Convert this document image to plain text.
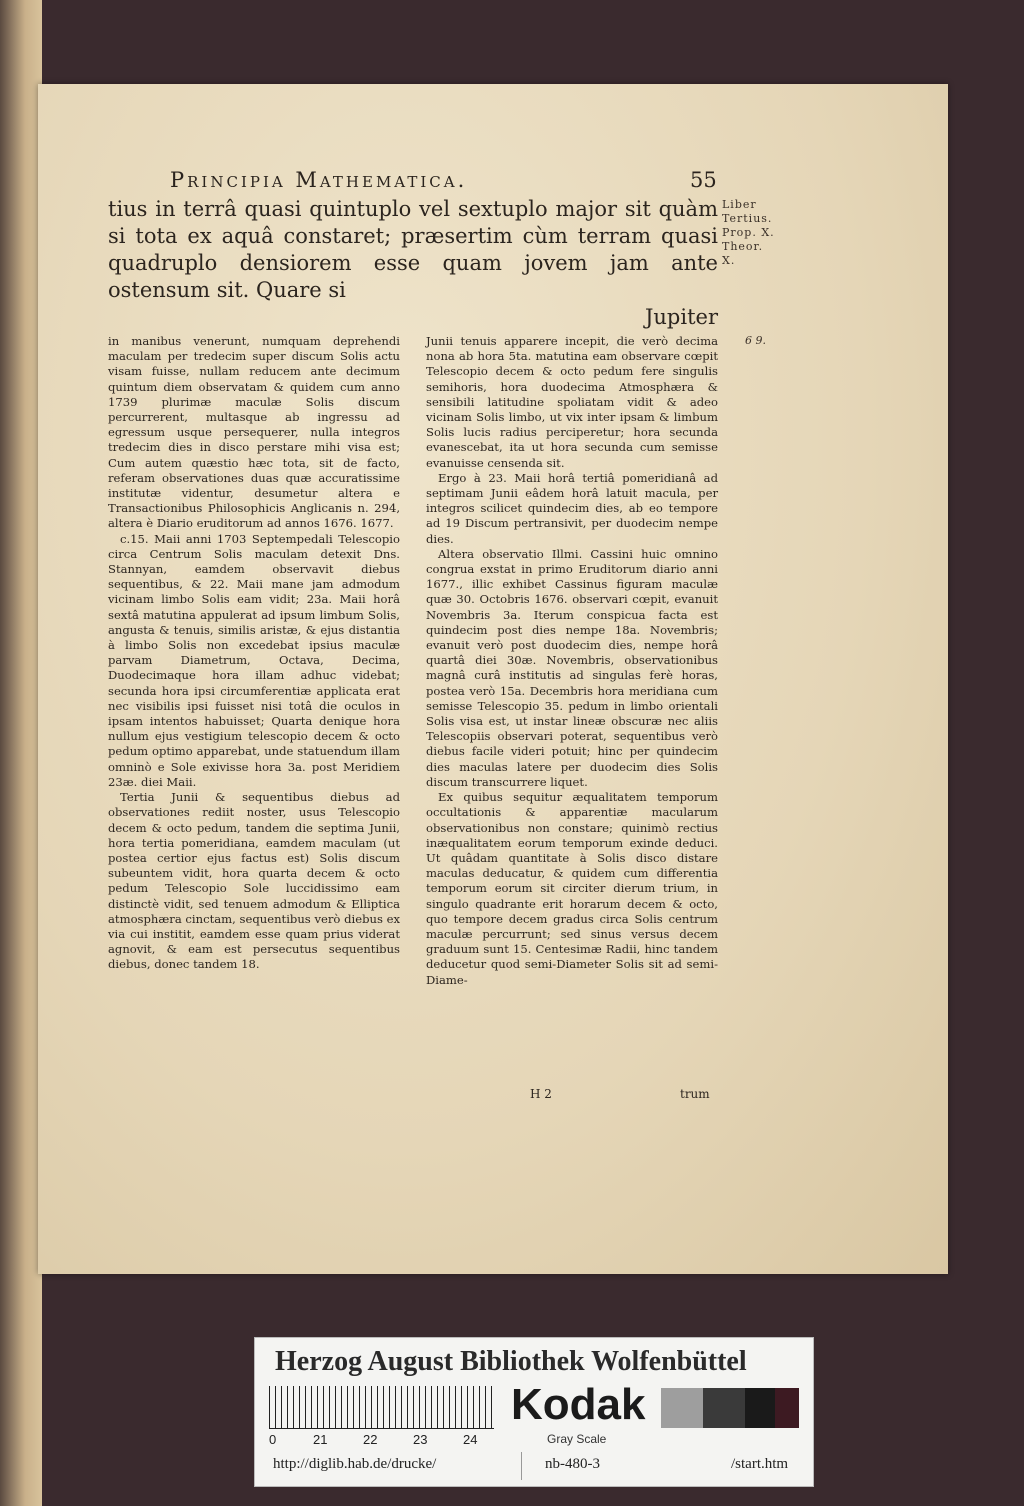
Principia Mathematica.	55
tius in terrâ quasi quintuplo vel sextuplo major sit quàm si tota ex aquâ constaret; præsertim cùm terram quasi quadruplo densiorem esse quam jovem jam ante ostensum sit. Quare si
Jupiter
Liber
Tertius.
Prop. X.
Theor.
X.
6 9.

in manibus venerunt, numquam deprehendi maculam per tredecim super discum Solis actu visam fuisse, nullam reducem ante decimum quintum diem observatam & quidem cum anno 1739 plurimæ maculæ Solis discum percurrerent, multasque ab ingressu ad egressum usque persequerer, nulla integros tredecim dies in disco perstare mihi visa est; Cum autem quæstio hæc tota, sit de facto, referam observationes duas quæ accuratissime institutæ videntur, desumetur altera e Transactionibus Philosophicis Anglicanis n. 294, altera è Diario eruditorum ad annos 1676. 1677.

c.15. Maii anni 1703 Septempedali Telescopio circa Centrum Solis maculam detexit Dns. Stannyan, eamdem observavit diebus sequentibus, & 22. Maii mane jam admodum vicinam limbo Solis eam vidit; 23a. Maii horâ sextâ matutina appulerat ad ipsum limbum Solis, angusta & tenuis, similis aristæ, & ejus distantia à limbo Solis non excedebat ipsius maculæ parvam Diametrum, Octava, Decima, Duodecimaque hora illam adhuc videbat; secunda hora ipsi circumferentiæ applicata erat nec visibilis ipsi fuisset nisi totâ die oculos in ipsam intentos habuisset; Quarta denique hora nullum ejus vestigium telescopio decem & octo pedum optimo apparebat, unde statuendum illam omninò e Sole exivisse hora 3a. post Meridiem 23æ. diei Maii.

Tertia Junii & sequentibus diebus ad observationes rediit noster, usus Telescopio decem & octo pedum, tandem die septima Junii, hora tertia pomeridiana, eamdem maculam (ut postea certior ejus factus est) Solis discum subeuntem vidit, hora quarta decem & octo pedum Telescopio Sole luccidissimo eam distinctè vidit, sed tenuem admodum & Elliptica atmosphæra cinctam, sequentibus verò diebus ex via cui institit, eamdem esse quam prius viderat agnovit, & eam est persecutus sequentibus diebus, donec tandem 18.

Junii tenuis apparere incepit, die verò decima nona ab hora 5ta. matutina eam observare cœpit Telescopio decem & octo pedum fere singulis semihoris, hora duodecima Atmosphæra & sensibili latitudine spoliatam vidit & adeo vicinam Solis limbo, ut vix inter ipsam & limbum Solis lucis radius perciperetur; hora secunda evanescebat, ita ut hora secunda cum semisse evanuisse censenda sit.

Ergo à 23. Maii horâ tertiâ pomeridianâ ad septimam Junii eâdem horâ latuit macula, per integros scilicet quindecim dies, ab eo tempore ad 19 Discum pertransivit, per duodecim nempe dies.

Altera observatio Illmi. Cassini huic omnino congrua exstat in primo Eruditorum diario anni 1677., illic exhibet Cassinus figuram maculæ quæ 30. Octobris 1676. observari cœpit, evanuit Novembris 3a. Iterum conspicua facta est quindecim post dies nempe 18a. Novembris; evanuit verò post duodecim dies, nempe horâ quartâ diei 30æ. Novembris, observationibus magnâ curâ institutis ad singulas ferè horas, postea verò 15a. Decembris hora meridiana cum semisse Telescopio 35. pedum in limbo orientali Solis visa est, ut instar lineæ obscuræ nec aliis Telescopiis observari poterat, sequentibus verò diebus facile videri potuit; hinc per quindecim dies maculas latere per duodecim dies Solis discum transcurrere liquet.

Ex quibus sequitur æqualitatem temporum occultationis & apparentiæ macularum observationibus non constare; quinimò rectius inæqualitatem eorum temporum exinde deduci. Ut quâdam quantitate à Solis disco distare maculas deducatur, & quidem cum differentia temporum eorum sit circiter dierum trium, in singulo quadrante erit horarum decem & octo, quo tempore decem gradus circa Solis centrum maculæ percurrunt; sed sinus versus decem graduum sunt 15. Centesimæ Radii, hinc tandem deducetur quod semi-Diameter Solis sit ad semi-Diame-

H 2	trum
Herzog August Bibliothek Wolfenbüttel
0	21	22	23	24
Kodak
Gray Scale
http://diglib.hab.de/drucke/	nb-480-3	/start.htm
